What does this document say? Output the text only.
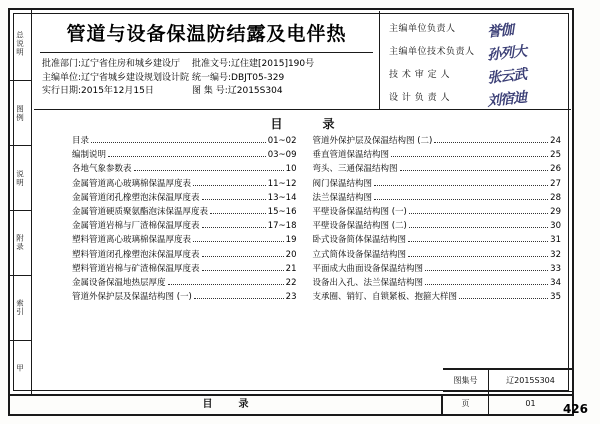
总说明
图例
说明
附录
索引
甲
管道与设备保温防结露及电伴热
批准部门:辽宁省住房和城乡建设厅	批准文号:辽住建[2015]190号
主编单位:辽宁省城乡建设规划设计院 统一编号:DBJT05-329
实行日期:2015年12月15日	图 集 号:辽2015S304
主编单位负责人	誉伽
主编单位技术负责人 孙列大
技 术 审 定 人	张云武
设 计 负 责 人	刘宿迪
目　录
目录	01~02
编制说明	03~09
各地气象参数表	10
金属管道离心玻璃棉保温厚度表	11~12
金属管道闭孔橡塑泡沫保温厚度表	13~14
金属管道硬质聚氨酯泡沫保温厚度表	15~16
金属管道岩棉与厂渣棉保温厚度表	17~18
塑料管道离心玻璃棉保温厚度表	19
塑料管道闭孔橡塑泡沫保温厚度表	20
塑料管道岩棉与矿渣棉保温厚度表	21
金属设备保温地热层厚度	22
管道外保护层及保温结构图 (一)	23
管道外保护层及保温结构图 (二)	24
垂直管道保温结构图	25
弯头、三通保温结构图	26
阀门保温结构图	27
法兰保温结构图	28
平壁设备保温结构图 (一)	29
平壁设备保温结构图 (二)	30
卧式设备简体保温结构图	31
立式简体设备保温结构图	32
平面成大曲面设备保温结构图	33
设备出入孔、法兰保温结构图	34
支承圈、销钉、自锁紧板、抱箍大样图	35
目　录
图集号	辽2015S304
页	01	426
